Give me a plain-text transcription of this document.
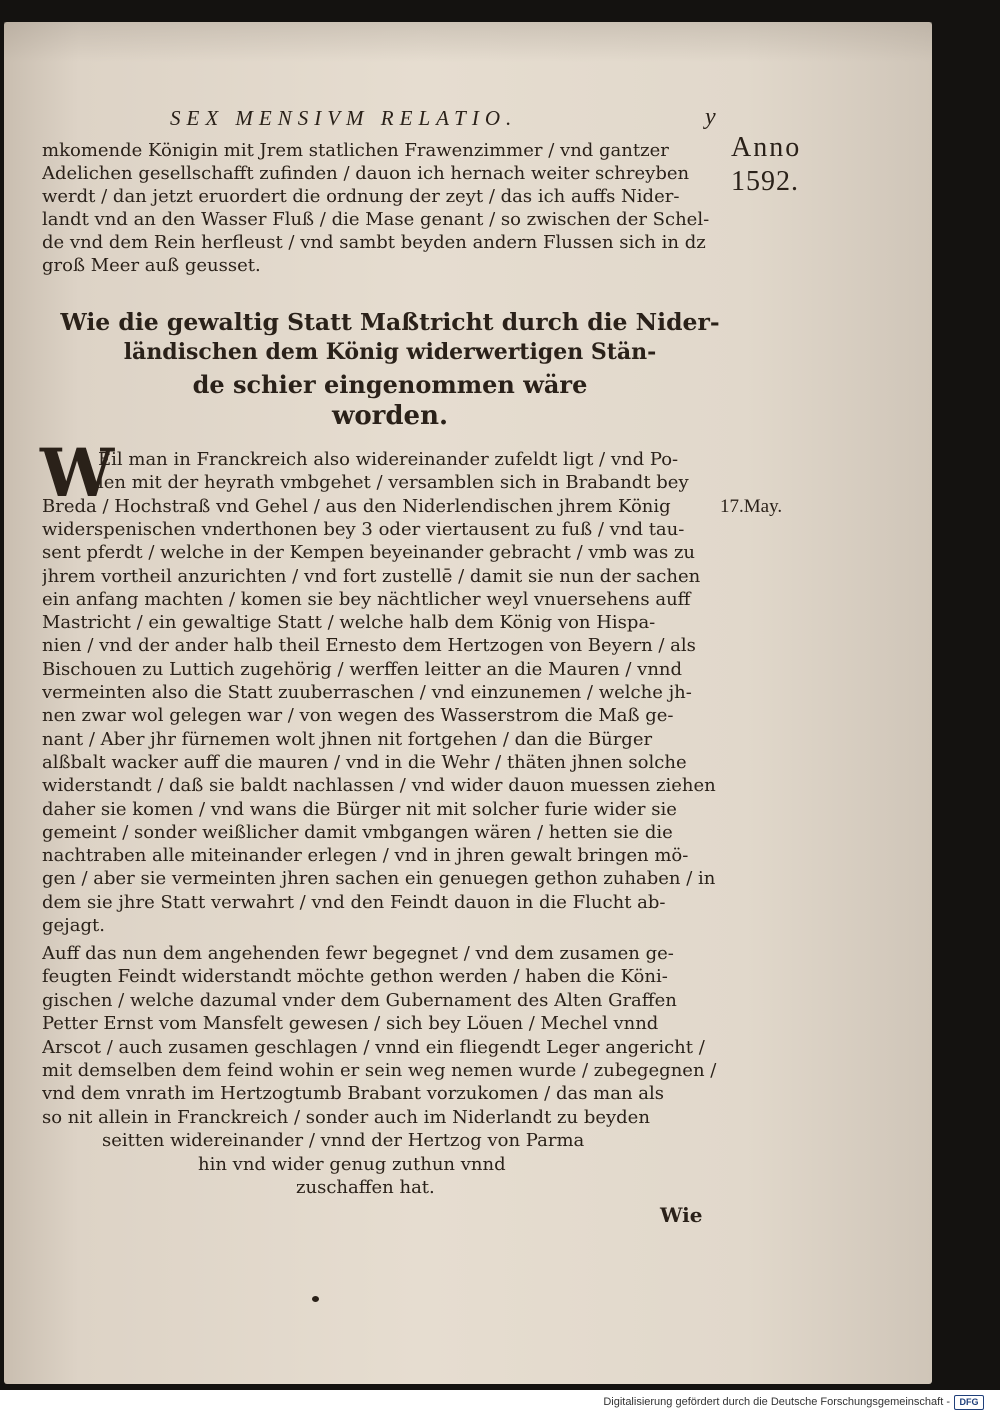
SEX MENSIVM RELATIO.	y
Anno
1592.
17.May.
mkomende Königin mit Jrem statlichen Frawenzimmer / vnd gantzer
Adelichen gesellschafft zufinden / dauon ich hernach weiter schreyben
werdt / dan jetzt eruordert die ordnung der zeyt / das ich auffs Nider-
landt vnd an den Wasser Fluß / die Mase genant / so zwischen der Schel-
de vnd dem Rein herfleust / vnd sambt beyden andern Flussen sich in dz
groß Meer auß geusset.
Wie die gewaltig Statt Maßtricht durch die Nider-
ländischen dem König widerwertigen Stän-
de schier eingenommen wäre
worden.
W
Eil man in Franckreich also widereinander zufeldt ligt / vnd Po-
len mit der heyrath vmbgehet / versamblen sich in Brabandt bey
Breda / Hochstraß vnd Gehel / aus den Niderlendischen jhrem König
widerspenischen vnderthonen bey 3 oder viertausent zu fuß / vnd tau-
sent pferdt / welche in der Kempen beyeinander gebracht / vmb was zu
jhrem vortheil anzurichten / vnd fort zustellē / damit sie nun der sachen
ein anfang machten / komen sie bey nächtlicher weyl vnuersehens auff
Mastricht / ein gewaltige Statt / welche halb dem König von Hispa-
nien / vnd der ander halb theil Ernesto dem Hertzogen von Beyern / als
Bischouen zu Luttich zugehörig / werffen leitter an die Mauren / vnnd
vermeinten also die Statt zuuberraschen / vnd einzunemen / welche jh-
nen zwar wol gelegen war / von wegen des Wasserstrom die Maß ge-
nant / Aber jhr fürnemen wolt jhnen nit fortgehen / dan die Bürger
alßbalt wacker auff die mauren / vnd in die Wehr / thäten jhnen solche
widerstandt / daß sie baldt nachlassen / vnd wider dauon muessen ziehen
daher sie komen / vnd wans die Bürger nit mit solcher furie wider sie
gemeint / sonder weißlicher damit vmbgangen wären / hetten sie die
nachtraben alle miteinander erlegen / vnd in jhren gewalt bringen mö-
gen / aber sie vermeinten jhren sachen ein genuegen gethon zuhaben / in
dem sie jhre Statt verwahrt / vnd den Feindt dauon in die Flucht ab-
gejagt.
Auff das nun dem angehenden fewr begegnet / vnd dem zusamen ge-
feugten Feindt widerstandt möchte gethon werden / haben die Köni-
gischen / welche dazumal vnder dem Gubernament des Alten Graffen
Petter Ernst vom Mansfelt gewesen / sich bey Löuen / Mechel vnnd
Arscot / auch zusamen geschlagen / vnnd ein fliegendt Leger angericht /
mit demselben dem feind wohin er sein weg nemen wurde / zubegegnen /
vnd dem vnrath im Hertzogtumb Brabant vorzukomen / das man als
so nit allein in Franckreich / sonder auch im Niderlandt zu beyden
seitten widereinander / vnnd der Hertzog von Parma
hin vnd wider genug zuthun vnnd
zuschaffen hat.
Wie
Digitalisierung gefördert durch die Deutsche Forschungsgemeinschaft -	DFG
